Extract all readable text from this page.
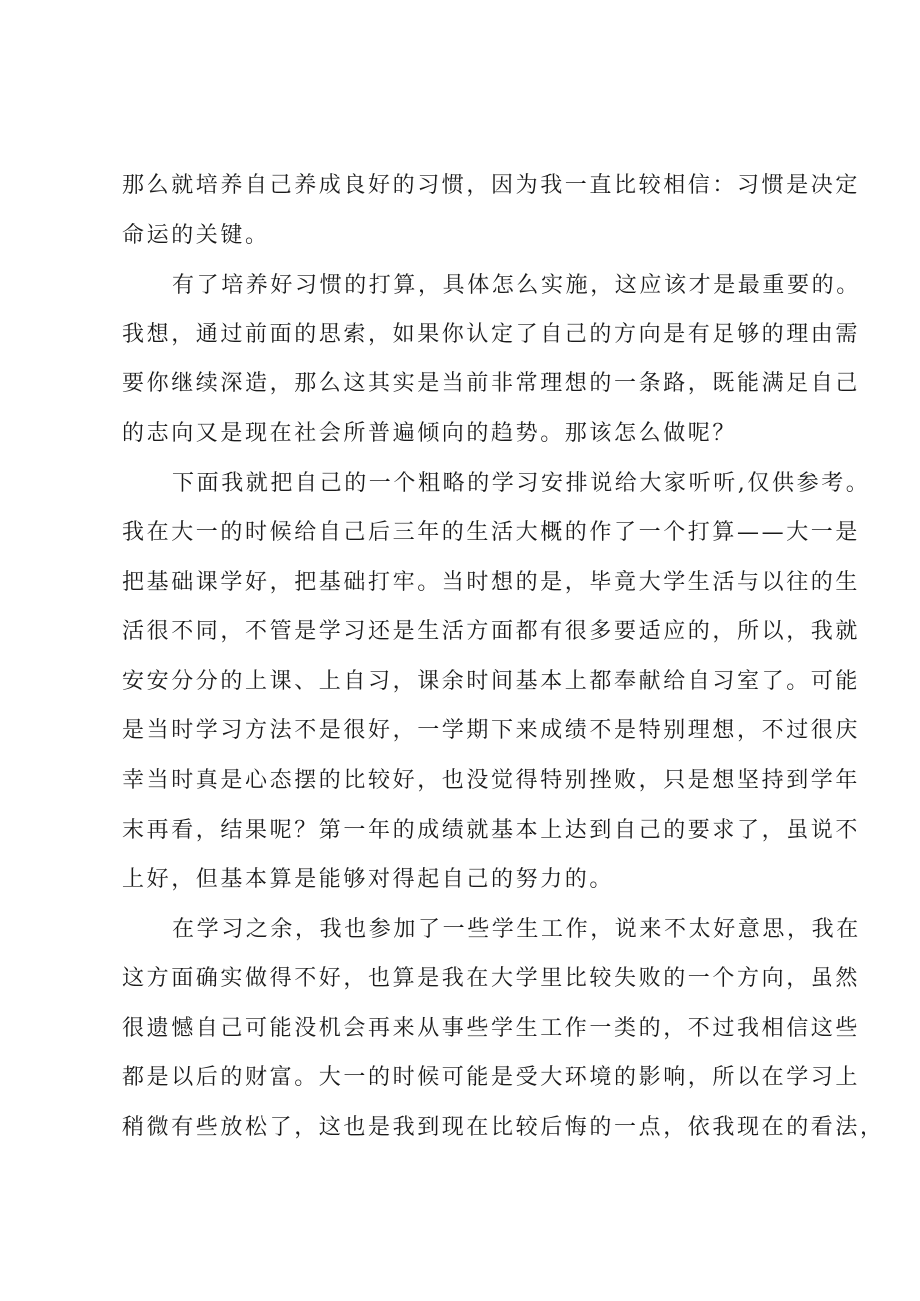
那么就培养自己养成良好的习惯，因为我一直比较相信：习惯是决定
命运的关键。
有了培养好习惯的打算，具体怎么实施，这应该才是最重要的。
我想，通过前面的思索，如果你认定了自己的方向是有足够的理由需
要你继续深造，那么这其实是当前非常理想的一条路，既能满足自己
的志向又是现在社会所普遍倾向的趋势。那该怎么做呢？
下面我就把自己的一个粗略的学习安排说给大家听听,仅供参考。
我在大一的时候给自己后三年的生活大概的作了一个打算——大一是
把基础课学好，把基础打牢。当时想的是，毕竟大学生活与以往的生
活很不同，不管是学习还是生活方面都有很多要适应的，所以，我就
安安分分的上课、上自习，课余时间基本上都奉献给自习室了。可能
是当时学习方法不是很好，一学期下来成绩不是特别理想，不过很庆
幸当时真是心态摆的比较好，也没觉得特别挫败，只是想坚持到学年
末再看，结果呢？第一年的成绩就基本上达到自己的要求了，虽说不
上好，但基本算是能够对得起自己的努力的。
在学习之余，我也参加了一些学生工作，说来不太好意思，我在
这方面确实做得不好，也算是我在大学里比较失败的一个方向，虽然
很遗憾自己可能没机会再来从事些学生工作一类的，不过我相信这些
都是以后的财富。大一的时候可能是受大环境的影响，所以在学习上
稍微有些放松了，这也是我到现在比较后悔的一点，依我现在的看法，
